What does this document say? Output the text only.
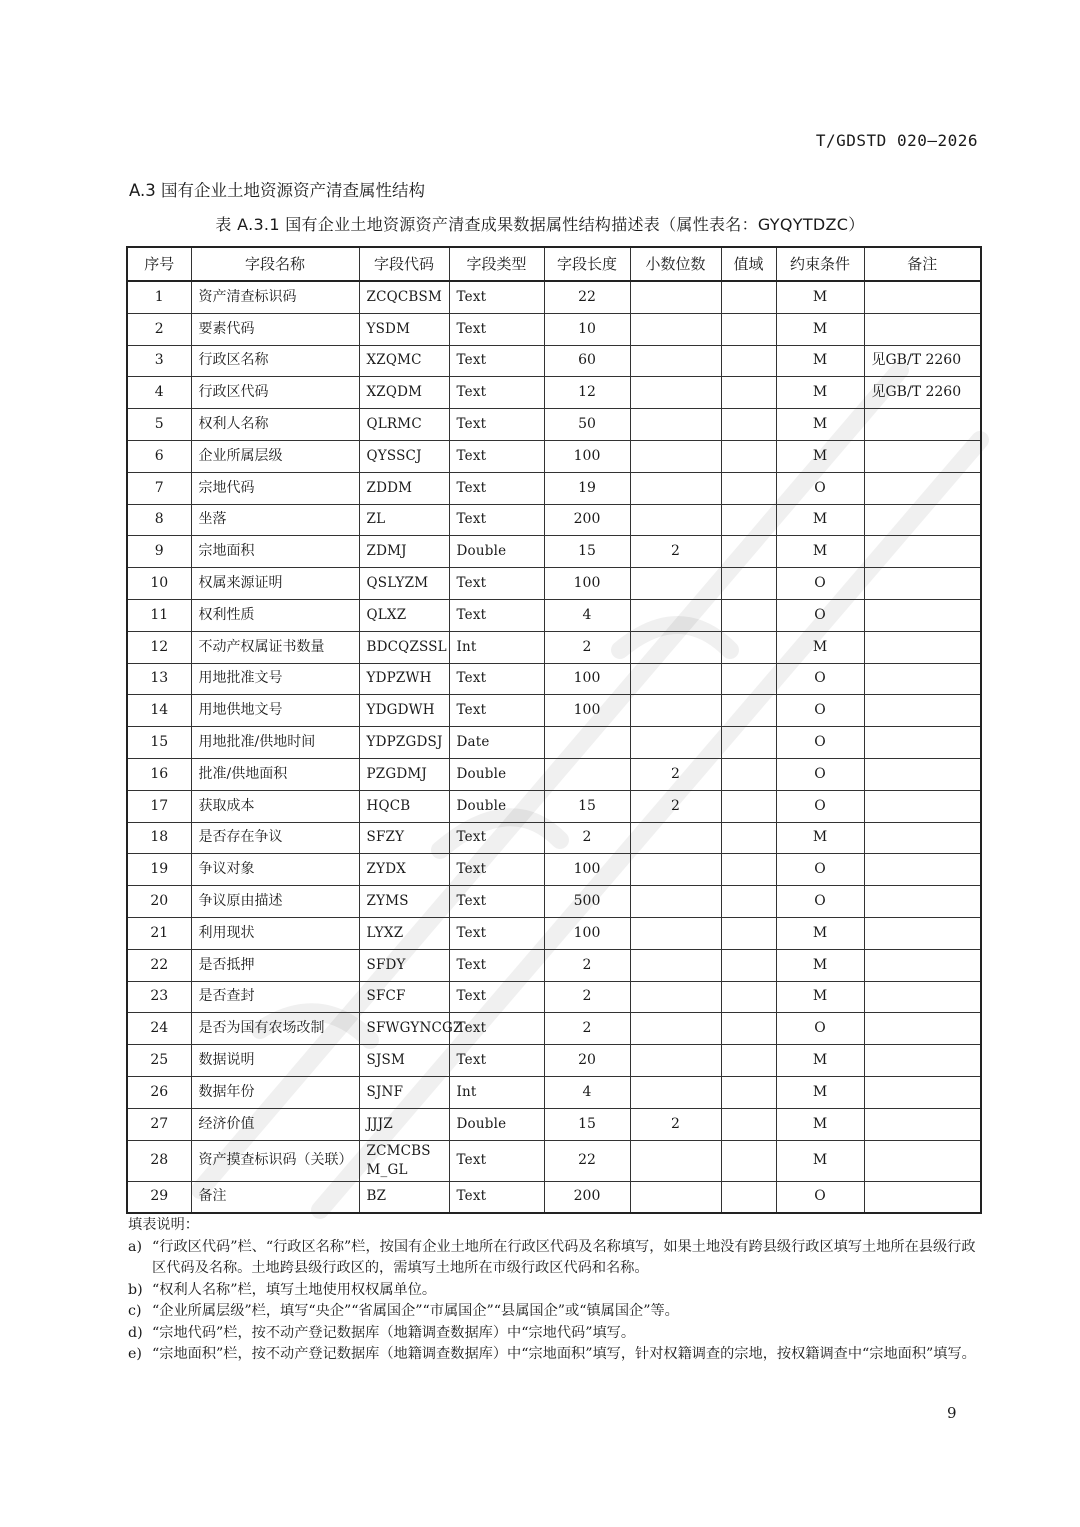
T/GDSTD 020—2026
A.3 国有企业土地资源资产清查属性结构
表 A.3.1 国有企业土地资源资产清查成果数据属性结构描述表（属性表名：GYQYTDZC）
序号	字段名称	字段代码	字段类型	字段长度	小数位数	值域	约束条件	备注
1	资产清查标识码	ZCQCBSM	Text	22			M	
2	要素代码	YSDM	Text	10			M	
3	行政区名称	XZQMC	Text	60			M	见GB/T 2260
4	行政区代码	XZQDM	Text	12			M	见GB/T 2260
5	权利人名称	QLRMC	Text	50			M	
6	企业所属层级	QYSSCJ	Text	100			M	
7	宗地代码	ZDDM	Text	19			O	
8	坐落	ZL	Text	200			M	
9	宗地面积	ZDMJ	Double	15	2		M	
10	权属来源证明	QSLYZM	Text	100			O	
11	权利性质	QLXZ	Text	4			O	
12	不动产权属证书数量	BDCQZSSL	Int	2			M	
13	用地批准文号	YDPZWH	Text	100			O	
14	用地供地文号	YDGDWH	Text	100			O	
15	用地批准/供地时间	YDPZGDSJ	Date				O	
16	批准/供地面积	PZGDMJ	Double		2		O	
17	获取成本	HQCB	Double	15	2		O	
18	是否存在争议	SFZY	Text	2			M	
19	争议对象	ZYDX	Text	100			O	
20	争议原由描述	ZYMS	Text	500			O	
21	利用现状	LYXZ	Text	100			M	
22	是否抵押	SFDY	Text	2			M	
23	是否查封	SFCF	Text	2			M	
24	是否为国有农场改制	SFWGYNCGZ	Text	2			O	
25	数据说明	SJSM	Text	20			M	
26	数据年份	SJNF	Int	4			M	
27	经济价值	JJJZ	Double	15	2		M	
28	资产摸查标识码（关联）	ZCMCBSM_GL	Text	22			M	
29	备注	BZ	Text	200			O	
填表说明：
a) “行政区代码”栏、“行政区名称”栏，按国有企业土地所在行政区代码及名称填写，如果土地没有跨县级行政区填写土地所在县级行政区代码及名称。土地跨县级行政区的，需填写土地所在市级行政区代码和名称。
b) “权利人名称”栏，填写土地使用权权属单位。
c) “企业所属层级”栏，填写“央企”“省属国企”“市属国企”“县属国企”或“镇属国企”等。
d) “宗地代码”栏，按不动产登记数据库（地籍调查数据库）中“宗地代码”填写。
e) “宗地面积”栏，按不动产登记数据库（地籍调查数据库）中“宗地面积”填写，针对权籍调查的宗地，按权籍调查中“宗地面积”填写。
9
